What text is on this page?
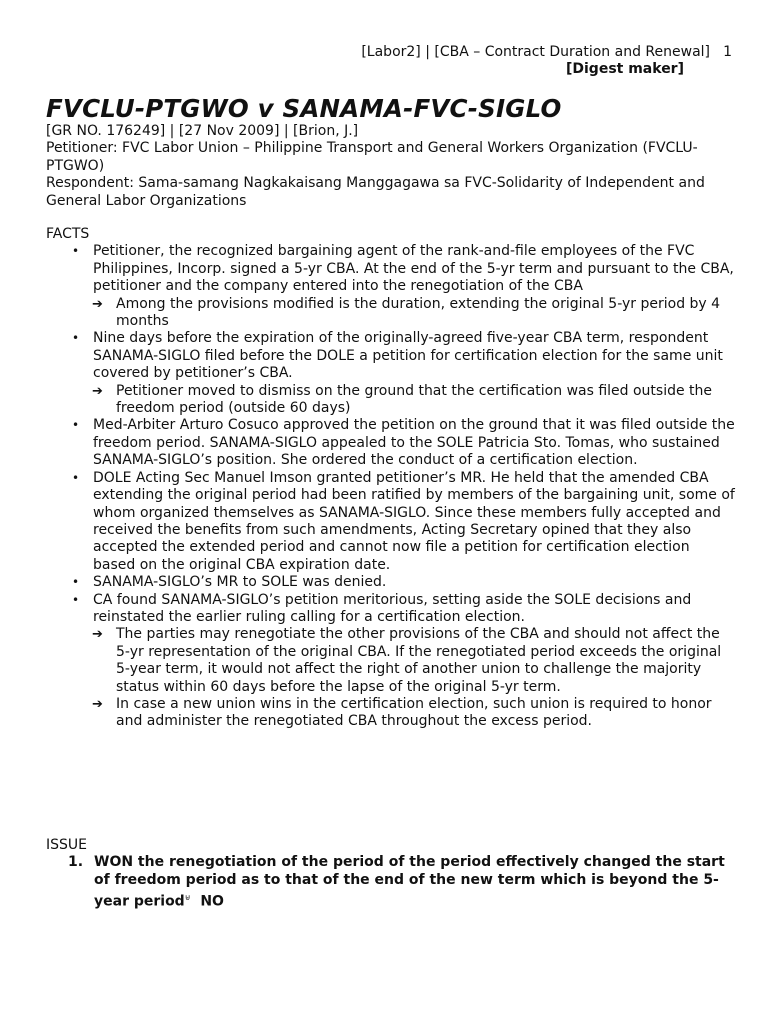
[Labor2] | [CBA – Contract Duration and Renewal] 1
[Digest maker]
FVCLU-PTGWO v SANAMA-FVC-SIGLO
[GR NO. 176249] | [27 Nov 2009] | [Brion, J.]
Petitioner: FVC Labor Union – Philippine Transport and General Workers Organization (FVCLU-PTGWO)
Respondent: Sama-samang Nagkakaisang Manggagawa sa FVC-Solidarity of Independent and General Labor Organizations
FACTS
• Petitioner, the recognized bargaining agent of the rank-and-file employees of the FVC Philippines, Incorp. signed a 5-yr CBA. At the end of the 5-yr term and pursuant to the CBA, petitioner and the company entered into the renegotiation of the CBA
➔ Among the provisions modified is the duration, extending the original 5-yr period by 4 months
• Nine days before the expiration of the originally-agreed five-year CBA term, respondent SANAMA-SIGLO filed before the DOLE a petition for certification election for the same unit covered by petitioner’s CBA.
➔ Petitioner moved to dismiss on the ground that the certification was filed outside the freedom period (outside 60 days)
• Med-Arbiter Arturo Cosuco approved the petition on the ground that it was filed outside the freedom period. SANAMA-SIGLO appealed to the SOLE Patricia Sto. Tomas, who sustained SANAMA-SIGLO’s position. She ordered the conduct of a certification election.
• DOLE Acting Sec Manuel Imson granted petitioner’s MR. He held that the amended CBA extending the original period had been ratified by members of the bargaining unit, some of whom organized themselves as SANAMA-SIGLO. Since these members fully accepted and received the benefits from such amendments, Acting Secretary opined that they also accepted the extended period and cannot now file a petition for certification election based on the original CBA expiration date.
• SANAMA-SIGLO’s MR to SOLE was denied.
• CA found SANAMA-SIGLO’s petition meritorious, setting aside the SOLE decisions and reinstated the earlier ruling calling for a certification election.
➔ The parties may renegotiate the other provisions of the CBA and should not affect the 5-yr representation of the original CBA. If the renegotiated period exceeds the original 5-year term, it would not affect the right of another union to challenge the majority status within 60 days before the lapse of the original 5-yr term.
➔ In case a new union wins in the certification election, such union is required to honor and administer the renegotiated CBA throughout the excess period.
ISSUE
1. WON the renegotiation of the period of the period effectively changed the start of freedom period as to that of the end of the new term which is beyond the 5-year period⊌ NO
